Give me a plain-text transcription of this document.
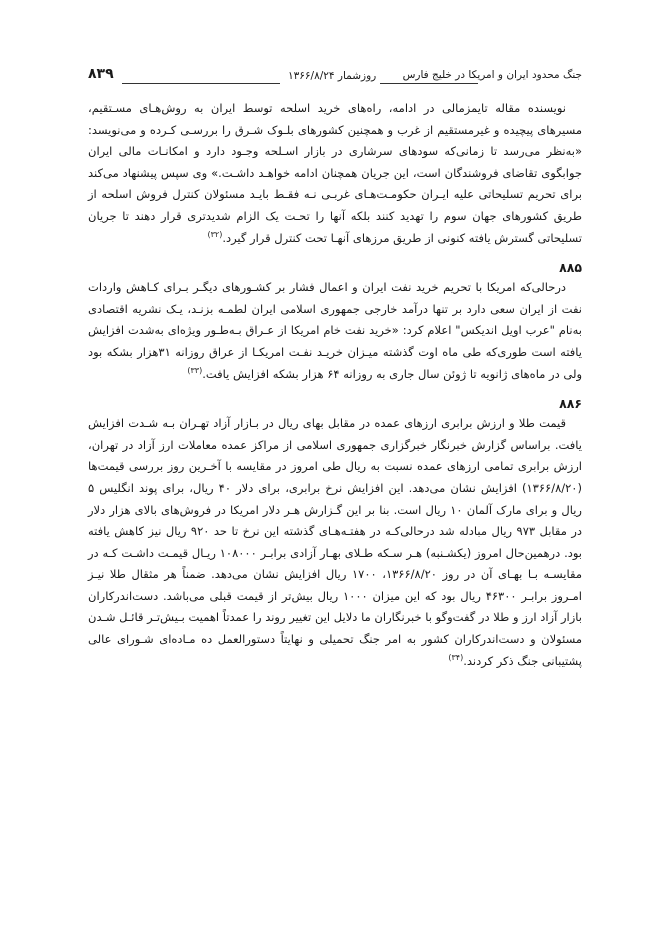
۸۳۹	روزشمار ۱۳۶۶/۸/۲۴	جنگ محدود ایران و امریکا در خلیج فارس

نویسنده مقاله تایمزمالی در ادامه، راه‌های خرید اسلحه توسط ایران به روش‌هـای مسـتقیم، مسیرهای پیچیده و غیرمستقیم از غرب و همچنین کشورهای بلـوک شـرق را بررسـی کـرده و می‌نویسد: «به‌نظر می‌رسد تا زمانی‌که سودهای سرشاری در بازار اسـلحه وجـود دارد و امکانـات مالی ایران جوابگوی تقاضای فروشندگان است، این جریان همچنان ادامه خواهـد داشـت.» وی سپس پیشنهاد می‌کند برای تحریم تسلیحاتی علیه ایـران حکومـت‌هـای غربـی نـه فقـط بایـد مسئولان کنترل فروش اسلحه از طریق کشورهای جهان سوم را تهدید کنند بلکه آنها را تحـت یک الزام شدیدتری قرار دهند تا جریان تسلیحاتی گسترش یافته کنونی از طریق مرزهای آنهـا تحت کنترل قرار گیرد.$^{(۳۲)}$

۸۸۵

درحالی‌که امریکا با تحریم خرید نفت ایران و اعمال فشار بر کشـورهای دیگـر بـرای کـاهش واردات نفت از ایران سعی دارد بر تنها درآمد خارجی جمهوری اسلامی ایران لطمـه بزنـد، یـک نشریه اقتصادی به‌نام "عرب اویل اندیکس" اعلام کرد: «خرید نفت خام امریکا از عـراق بـه‌طـور ویژه‌ای به‌شدت افزایش یافته است طوری‌که طی ماه اوت گذشته میـزان خریـد نفـت امریکـا از عراق روزانه ۳۱هزار بشکه بود ولی در ماه‌های ژانویه تا ژوئن سال جاری به روزانه ۶۴ هزار بشکه افزایش یافت.$^{(۳۳)}$

۸۸۶

قیمت طلا و ارزش برابری ارزهای عمده در مقابل بهای ریال در بـازار آزاد تهـران بـه شـدت افزایش یافت. براساس گزارش خبرنگار خبرگزاری جمهوری اسلامی از مراکز عمده معاملات ارز آزاد در تهران، ارزش برابری تمامی ارزهای عمده نسبت به ریال طی امروز در مقایسه با آخـرین روز بررسی قیمت‌ها (۱۳۶۶/۸/۲۰) افزایش نشان می‌دهد. این افزایش نرخ برابری، برای دلار ۴۰ ریال، برای پوند انگلیس ۵ ریال و برای مارک آلمان ۱۰ ریال است. بنا بر این گـزارش هـر دلار امریکا در فروش‌های بالای هزار دلار در مقابل ۹۷۳ ریال مبادله شد درحالی‌کـه در هفتـه‌هـای گذشته این نرخ تا حد ۹۲۰ ریال نیز کاهش یافته بود. درهمین‌حال امروز (یکشـنبه) هـر سـکه طـلای بهـار آزادی برابـر ۱۰۸۰۰۰ ریـال قیمـت داشـت کـه در مقایسـه بـا بهـای آن در روز ۱۳۶۶/۸/۲۰، ۱۷۰۰ ریال افزایش نشان می‌دهد. ضمناً هر مثقال طلا نیـز امـروز برابـر ۴۶۳۰۰ ریال بود که این میزان ۱۰۰۰ ریال بیش‌تر از قیمت قبلی می‌باشد. دست‌اندرکاران بازار آزاد ارز و طلا در گفت‌وگو با خبرنگاران ما دلایل این تغییر روند را عمدتاً اهمیت بـیش‌تـر قائـل شـدن مسئولان و دست‌اندرکاران کشور به امر جنگ تحمیلی و نهایتاً دستورالعمل ده مـاده‌ای شـورای عالی پشتیبانی جنگ ذکر کردند.$^{(۳۴)}$
